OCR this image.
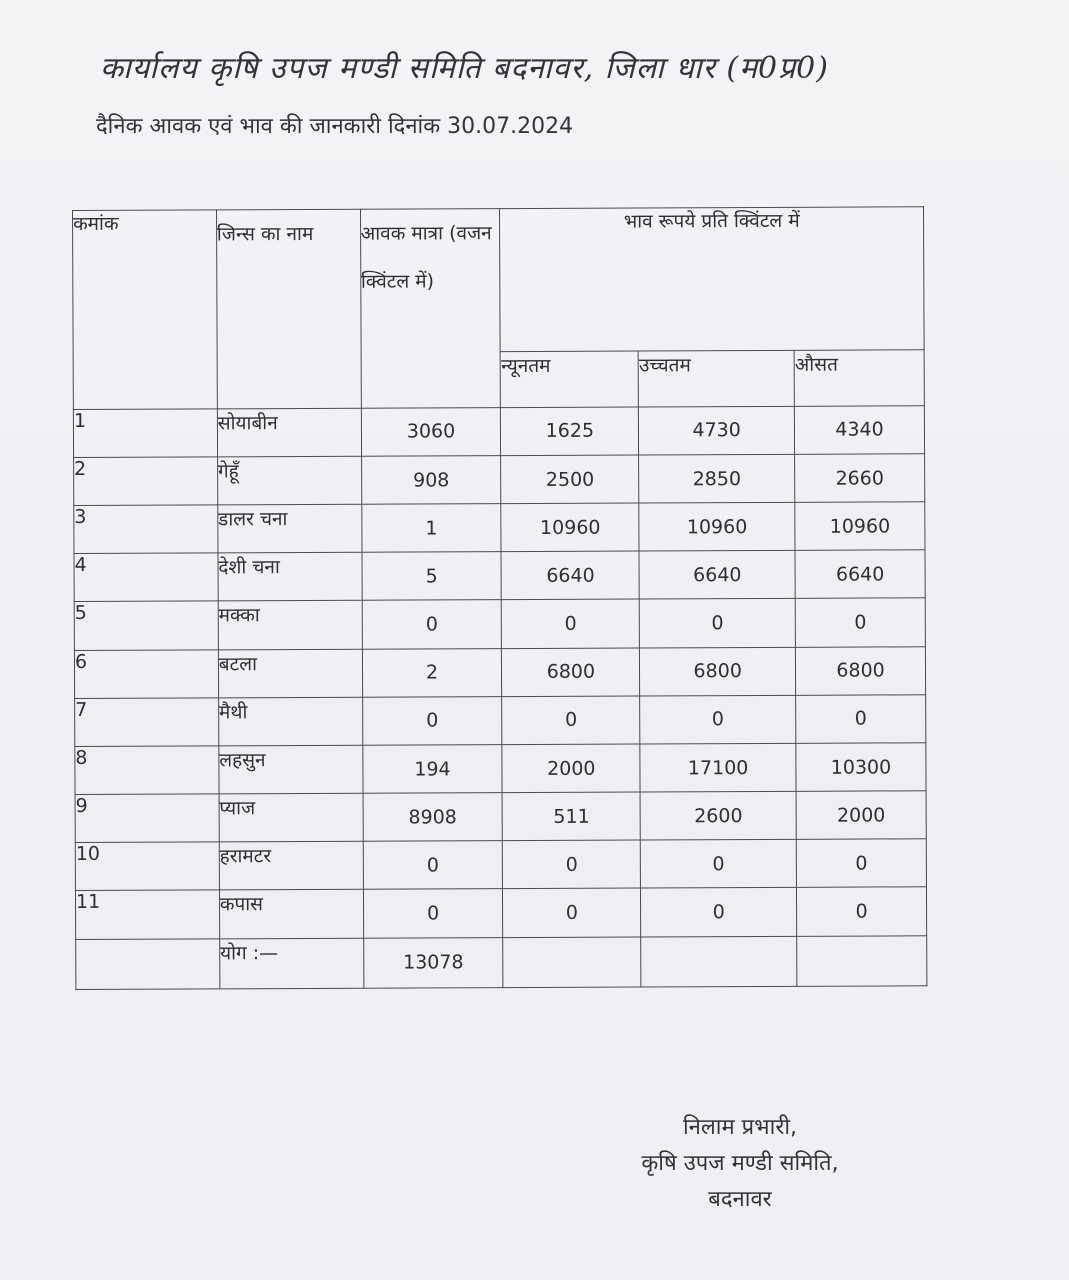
कार्यालय कृषि उपज मण्डी समिति बदनावर, जिला धार (म0प्र0)
दैनिक आवक एवं भाव की जानकारी दिनांक 30.07.2024
कमांक	जिन्स का नाम	आवक मात्रा (वजन क्विंटल में)	भाव रूपये प्रति क्विंटल में		
			न्यूनतम	उच्चतम	औसत
1	सोयाबीन	3060	1625	4730	4340
2	गेहूँ	908	2500	2850	2660
3	डालर चना	1	10960	10960	10960
4	देशी चना	5	6640	6640	6640
5	मक्का	0	0	0	0
6	बटला	2	6800	6800	6800
7	मैथी	0	0	0	0
8	लहसुन	194	2000	17100	10300
9	प्याज	8908	511	2600	2000
10	हरामटर	0	0	0	0
11	कपास	0	0	0	0
	योग :—	13078			
निलाम प्रभारी,
कृषि उपज मण्डी समिति,
बदनावर
